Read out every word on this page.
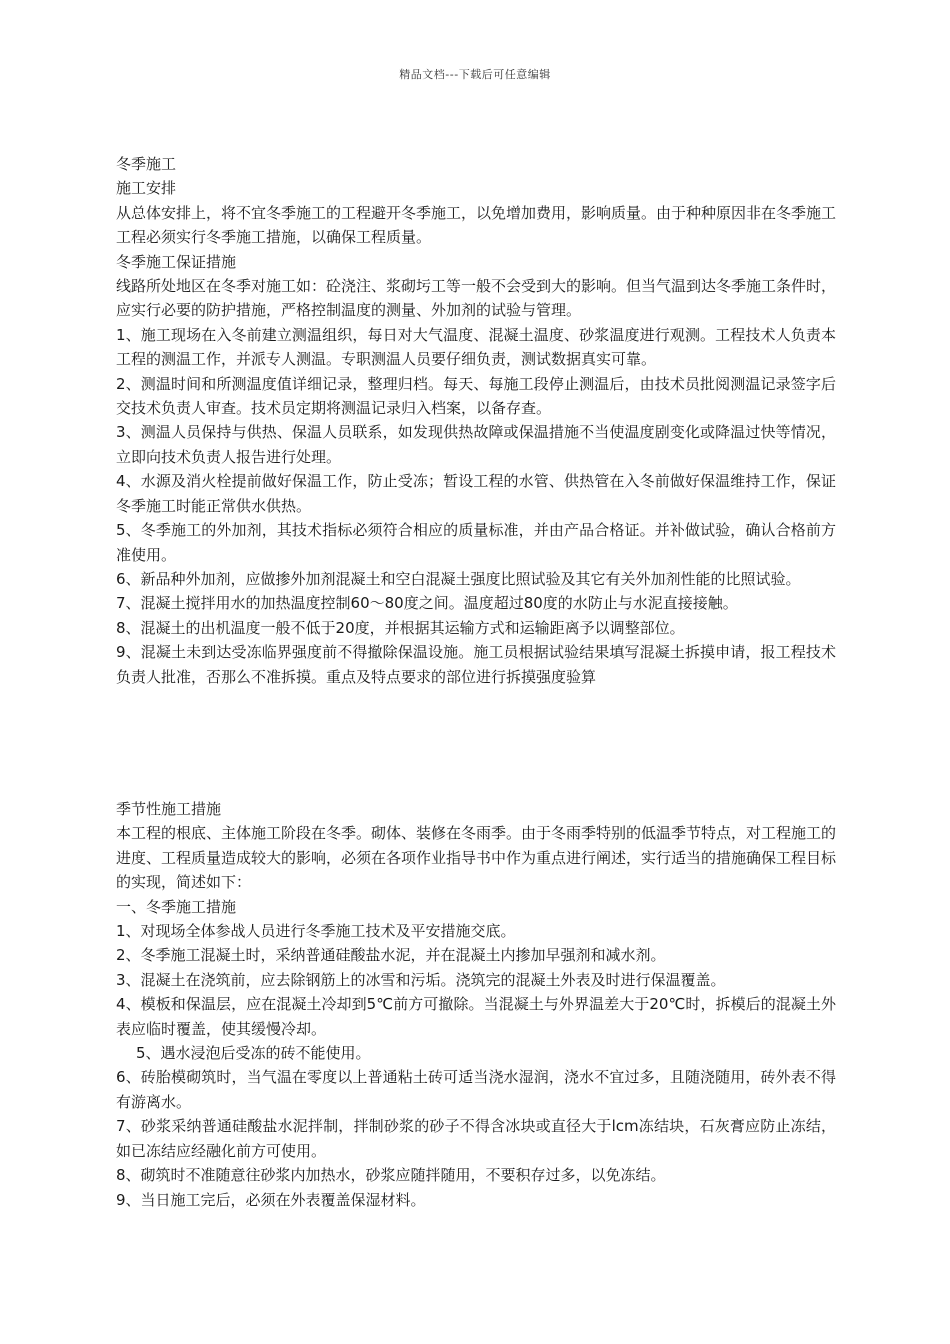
精品文档---下载后可任意编辑

冬季施工

施工安排

从总体安排上，将不宜冬季施工的工程避开冬季施工，以免增加费用，影响质量。由于种种原因非在冬季施工工程必须实行冬季施工措施，以确保工程质量。

冬季施工保证措施

线路所处地区在冬季对施工如：砼浇注、浆砌圬工等一般不会受到大的影响。但当气温到达冬季施工条件时，应实行必要的防护措施，严格控制温度的测量、外加剂的试验与管理。

1、施工现场在入冬前建立测温组织，每日对大气温度、混凝土温度、砂浆温度进行观测。工程技术人负责本工程的测温工作，并派专人测温。专职测温人员要仔细负责，测试数据真实可靠。

2、测温时间和所测温度值详细记录，整理归档。每天、每施工段停止测温后，由技术员批阅测温记录签字后交技术负责人审查。技术员定期将测温记录归入档案，以备存查。

3、测温人员保持与供热、保温人员联系，如发现供热故障或保温措施不当使温度剧变化或降温过快等情况，立即向技术负责人报告进行处理。

4、水源及消火栓提前做好保温工作，防止受冻；暂设工程的水管、供热管在入冬前做好保温维持工作，保证冬季施工时能正常供水供热。

5、冬季施工的外加剂，其技术指标必须符合相应的质量标准，并由产品合格证。并补做试验，确认合格前方准使用。

6、新品种外加剂，应做掺外加剂混凝土和空白混凝土强度比照试验及其它有关外加剂性能的比照试验。

7、混凝土搅拌用水的加热温度控制60～80度之间。温度超过80度的水防止与水泥直接接触。

8、混凝土的出机温度一般不低于20度，并根据其运输方式和运输距离予以调整部位。

9、混凝土未到达受冻临界强度前不得撤除保温设施。施工员根据试验结果填写混凝土拆摸申请，报工程技术负责人批准，否那么不准拆摸。重点及特点要求的部位进行拆摸强度验算

季节性施工措施

本工程的根底、主体施工阶段在冬季。砌体、装修在冬雨季。由于冬雨季特别的低温季节特点，对工程施工的进度、工程质量造成较大的影响，必须在各项作业指导书中作为重点进行阐述，实行适当的措施确保工程目标的实现，简述如下：

一、冬季施工措施

1、对现场全体参战人员进行冬季施工技术及平安措施交底。

2、冬季施工混凝土时，采纳普通硅酸盐水泥，并在混凝土内掺加早强剂和减水剂。

3、混凝土在浇筑前，应去除钢筋上的冰雪和污垢。浇筑完的混凝土外表及时进行保温覆盖。

4、模板和保温层，应在混凝土冷却到5℃前方可撤除。当混凝土与外界温差大于20℃时，拆模后的混凝土外表应临时覆盖，使其缓慢冷却。

5、遇水浸泡后受冻的砖不能使用。

6、砖胎模砌筑时，当气温在零度以上普通粘土砖可适当浇水湿润，浇水不宜过多，且随浇随用，砖外表不得有游离水。

7、砂浆采纳普通硅酸盐水泥拌制，拌制砂浆的砂子不得含冰块或直径大于lcm冻结块，石灰膏应防止冻结，如已冻结应经融化前方可使用。

8、砌筑时不准随意往砂浆内加热水，砂浆应随拌随用，不要积存过多，以免冻结。

9、当日施工完后，必须在外表覆盖保湿材料。
